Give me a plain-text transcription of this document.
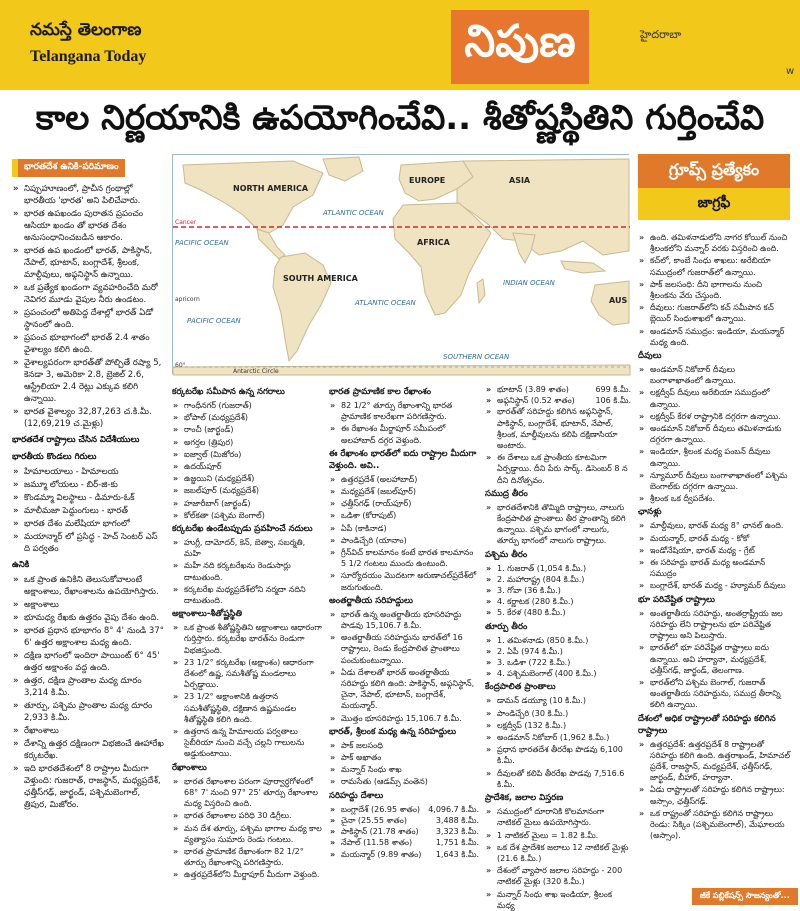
నమస్తే తెలంగాణ
Telangana Today	నిపుణ	హైదరాబా
w
కాల నిర్ణయానికి ఉపయోగించేవి.. శీతోష్ణస్థితిని గుర్తించేవి
భారతదేశ ఉనికి-పరిమాణం
» నిప్పుహూణంలో, ప్రాచీన గ్రంథాల్లో భారతీయ 'భారత' అని పిలిచేవారు.
» భారత ఉపఖండం పురాతన ప్రపంచం ఆసియా ఖండం తో భారత దేశం అనుసంధానించబడిన ఆకారం.
» భారత ఉప ఖండంలో భారత్, పాకిస్థాన్, నేపాల్, భూటాన్, బంగ్లాదేశ్, శ్రీలంక, మాల్దీవులు, అఫ్గనిస్థాన్ ఉన్నాయి.
» ఒక ప్రత్యేక ఖండంగా వ్యవహరించేది మరో నెవిగర మూడు వైపుల నీరు ఉండటం.
» ప్రపంచంలో అతిపెద్ద దేశాల్లో భారత్ ఏడో స్థానంలో ఉంది.
» ప్రపంచ భూభాగంలో భారత్ 2.4 శాతం వైశాల్యం కలిగి ఉంది.
» వైశాల్యపరంగా భారత్‌తో పోల్చితే రష్యా 5, కెనడా 3, అమెరికా 2.8, బ్రెజిల్ 2.6, ఆస్ట్రేలియా 2.4 రెట్లు ఎక్కువ కలిగి ఉన్నాయి.
» భారత వైశాల్యం 32,87,263 చ.కి.మీ. (12,69,219 చ.మైళ్లు)
భారతదేశ రాష్ట్రాలు చేసిన విదేశీయులు
భారతీయ కొండలు గిరులు
» హిమాలయాలు - హిమాలయ
» జమ్మూ లోయలు - బిర్-జి-కు
» కొండమ్మా విలస్థాలు - డిమారు-ఓక్
» మాలీమజా పెద్దుంగులు - భారత్
» భారత దేశం మలేషియా భాగంలో
» మయాన్మార్ లో ప్రసిద్ధ - హెచ్ సెంటర్ ఎస్ ది పర్వతం
ఉనికి
» ఒక ప్రాంత ఉనికిని తెలుసుకోవాలంటే అక్షాంశాలు, రేఖాంశాలను ఉపయోగిస్తారు.
» అక్షాంశాలు
» భూమధ్య రేఖకు ఉత్తరం వైపు దేశం ఉంది.
» భారత ప్రధాన భూభాగం 8° 4' నుండి 37° 6' ఉత్తర అక్షాంశాల మధ్య ఉంది.
» దక్షిణ భాగంలో ఇందిరా పాయింట్ 6° 45' ఉత్తర అక్షాంశం వద్ద ఉంది.
» ఉత్తర, దక్షిణ ప్రాంతాల మధ్య దూరం 3,214 కి.మీ.
» తూర్పు, పశ్చిమ ప్రాంతాల మధ్య దూరం 2,933 కి.మీ.
» రేఖాంశాలు
» దేశాన్ని ఉత్తర దక్షిణంగా విభజించే ఊహారేఖ కర్కటరేఖ.
» ఇది భారతదేశంలో 8 రాష్ట్రాల మీదుగా వెళ్తుంది: గుజరాత్, రాజస్థాన్, మధ్యప్రదేశ్, ఛత్తీస్‌గఢ్, జార్ఖండ్, పశ్చిమబెంగాల్, త్రిపుర, మిజోరం.
NORTH AMERICA
EUROPE	ASIA
AFRICA
SOUTH AMERICA
AUS
ATLANTIC OCEAN
ATLANTIC OCEAN
PACIFIC OCEAN
PACIFIC OCEAN
INDIAN OCEAN
SOUTHERN OCEAN
Cancer
apricorn
Antarctic Circle
60°
గ్రూప్స్ ప్రత్యేకం
జాగ్రఫీ

కర్కటరేఖ సమీపాన ఉన్న నగరాలు

» గాంధీనగర్ (గుజరాత్)
» భోపాల్ (మధ్యప్రదేశ్)
» రాంచీ (జార్ఖండ్)
» అగర్తల (త్రిపుర)
» ఐజ్వాల్ (మిజోరం)
» ఉదయ్‌పూర్
» ఉజ్జయిని (మధ్యప్రదేశ్)
» జబల్‌పూర్ (మధ్యప్రదేశ్)
» హజారీబాగ్ (జార్ఖండ్)
» కోల్‌కతా (పశ్చిమ బెంగాల్)

కర్కటరేఖ ఉండేటప్పుడు ప్రవహించే నదులు

» హుగ్లీ, దామోదర్, కెన్, బెత్వా, సబర్మతి, మహి
» మహీ నది కర్కటరేఖను రెండుసార్లు దాటుతుంది.
» కర్కటరేఖ మధ్యప్రదేశ్‌లోని నర్మదా నదిని దాటుతుంది.

అక్షాంశాలు-శీతోష్ణస్థితి

» ఒక ప్రాంత శీతోష్ణస్థితిని అక్షాంశాలు ఆధారంగా గుర్తిస్తారు. కర్కటరేఖ భారత్‌ను రెండుగా విభజిస్తుంది.
» 23 1/2° కర్కటరేఖ (అక్షాంశం) ఆధారంగా దేశంలో ఉష్ణ, సమశీతోష్ణ మండలాలు ఏర్పడ్డాయి.
» 23 1/2° అక్షాంశానికి ఉత్తరాన సమశీతోష్ణస్థితి, దక్షిణాన ఉష్ణమండల శీతోష్ణస్థితి కలిగి ఉంది.
» ఉత్తరాన ఉన్న హిమాలయ పర్వతాలు సైబీరియా నుంచి వచ్చే చల్లని గాలులను అడ్డుకుంటాయి.

రేఖాంశాలు

» భారత రేఖాంశాల పరంగా పూర్వార్ధగోళంలో 68° 7' నుంచి 97° 25' తూర్పు రేఖాంశాల మధ్య విస్తరించి ఉంది.
» భారత రేఖాంశాల పరిధి 30 డిగ్రీలు.
» మన దేశ తూర్పు, పశ్చిమ భాగాల మధ్య కాల వ్యత్యాసం సుమారు రెండు గంటలు.
» భారత ప్రామాణిక రేఖాంశంగా 82 1/2° తూర్పు రేఖాంశాన్ని పరిగణిస్తారు.
» ఉత్తరప్రదేశ్‌లోని మీర్జాపూర్ మీదుగా వెళ్తుంది.

భారత ప్రామాణిక కాల రేఖాంశం

» 82 1/2° తూర్పు రేఖాంశాన్ని భారత ప్రామాణిక కాలరేఖగా పరిగణిస్తారు.
» ఈ రేఖాంశం మీర్జాపూర్ సమీపంలో అలహాబాద్ దగ్గర వెళ్తుంది.

ఈ రేఖాంశం భారత్‌లో ఐదు రాష్ట్రాల మీదుగా వెళ్తుంది. అవి..

» ఉత్తరప్రదేశ్ (అలహాబాద్)
» మధ్యప్రదేశ్ (జబల్‌పూర్)
» ఛత్తీస్‌గఢ్ (రాయ్‌పూర్)
» ఒడిశా (కోరాపుట్)
» ఏపీ (కాకినాడ)
» పాండిచ్చేరి (యానాం)
» గ్రీన్‌విచ్ కాలమానం కంటే భారత కాలమానం 5 1/2 గంటలు ముందు ఉంటుంది.
» సూర్యోదయం మొదటగా అరుణాచల్‌ప్రదేశ్‌లో జరుగుతుంది.

అంతర్జాతీయ సరిహద్దులు

» భారత్ ఉన్న అంతర్జాతీయ భూసరిహద్దు పొడవు 15,106.7 కి.మీ.
» అంతర్జాతీయ సరిహద్దును భారత్‌లో 16 రాష్ట్రాలు, రెండు కేంద్రపాలిత ప్రాంతాలు పంచుకుంటున్నాయి.
» ఏడు దేశాలతో భారత్ అంతర్జాతీయ సరిహద్దు కలిగి ఉంది: పాకిస్థాన్, అఫ్గనిస్థాన్, చైనా, నేపాల్, భూటాన్, బంగ్లాదేశ్, మయన్మార్.
» మొత్తం భూసరిహద్దు 15,106.7 కి.మీ.

భారత్, శ్రీలంక మధ్య ఉన్న సరిహద్దులు

» పాక్ జలసంధి
» పాక్ అఖాతం
» మన్నార్ సింధు శాఖ
» రామసేతు (ఆడమ్స్ వంతెన)

సరిహద్దు దేశాలు

» బంగ్లాదేశ్ (26.95 శాతం)	4,096.7 కి.మీ.
» చైనా (25.55 శాతం)	3,488 కి.మీ.
» పాకిస్థాన్ (21.78 శాతం)	3,323 కి.మీ.
» నేపాల్ (11.58 శాతం)	1,751 కి.మీ.
» మయన్మార్ (9.89 శాతం)	1,643 కి.మీ.
» భూటాన్ (3.89 శాతం)	699 కి.మీ.
» అఫ్గనిస్థాన్ (0.52 శాతం)	106 కి.మీ.
» భారత్‌తో సరిహద్దు కలిగిన అఫ్గనిస్థాన్, పాకిస్థాన్, బంగ్లాదేశ్, భూటాన్, నేపాల్, శ్రీలంక, మాల్దీవులను కలిపి దక్షిణాసియా అంటారు.
» ఈ దేశాలు ఒక ప్రాంతీయ కూటమిగా ఏర్పడ్డాయి. దీని పేరు సార్క్. డిసెంబర్ 8 న దీని దినోత్సవం.

సముద్ర తీరం

» భారతదేశానికి తొమ్మిది రాష్ట్రాలు, నాలుగు కేంద్రపాలిత ప్రాంతాలు తీర ప్రాంతాన్ని కలిగి ఉన్నాయి. పశ్చిమ భాగంలో నాలుగు, తూర్పు భాగంలో నాలుగు రాష్ట్రాలు.

పశ్చిమ తీరం

» 1. గుజరాత్ (1,054 కి.మీ.)
» 2. మహారాష్ట్ర (804 కి.మీ.)
» 3. గోవా (36 కి.మీ.)
» 4. కర్ణాటక (280 కి.మీ.)
» 5. కేరళ (480 కి.మీ.)

తూర్పు తీరం

» 1. తమిళనాడు (850 కి.మీ.)
» 2. ఏపీ (974 కి.మీ.)
» 3. ఒడిశా (722 కి.మీ.)
» 4. పశ్చిమబెంగాల్ (400 కి.మీ.)

కేంద్రపాలిత ప్రాంతాలు

» డామన్ డయ్యూ (10 కి.మీ.)
» పాండిచ్చేరి (30 కి.మీ.)
» లక్షద్వీప్ (132 కి.మీ.)
» అండమాన్ నికోబార్ (1,962 కి.మీ.)
» ప్రధాన భారతదేశ తీరరేఖ పొడవు 6,100 కి.మీ.
» దీవులతో కలిపి తీరరేఖ పొడవు 7,516.6 కి.మీ.

ప్రాదేశిక, జలాల విస్తరణ

» సముద్రంలో దూరానికి కొలమానంగా నాటికల్ మైలు ఉపయోగిస్తారు.
» 1 నాటికల్ మైలు = 1.82 కి.మీ.
» ఒక దేశ ప్రాదేశిక జలాలు 12 నాటికల్ మైళ్లు (21.6 కి.మీ.)
» దేశంలో వ్యాపార జలాల సరిహద్దు - 200 నాటికల్ మైళ్లు (320 కి.మీ.)
» మన్నార్ సింధు శాఖ ఇండియా, శ్రీలంక మధ్య
» ఉంది. తమిళనాడులోని నాగర కోయిల్ నుంచి శ్రీలంకలోని మన్నార్ వరకు విస్తరించి ఉంది.
» కచ్‌లో, కాంబే సింధు శాఖలు: అరేబియా సముద్రంలో గుజరాత్‌లో ఉన్నాయి.
» పాక్ జలసంధి: దీని భాగాలను నుంచి శ్రీలంకను వేరు చేస్తుంది.
» దీవులు: గుజరాత్‌లోని కచ్ సమీపాన కచ్ బ్లెయిర్ సింధుశాఖలో ఉన్నాయి.
» అండమాన్ సముద్రం: ఇండియా, మయన్మార్ మధ్య ఉంది.

దీవులు

» అండమాన్ నికోబార్ దీవులు బంగాళాఖాతంలో ఉన్నాయి.
» లక్షద్వీప్ దీవులు అరేబియా సముద్రంలో ఉన్నాయి.
» లక్షద్వీప్ కేరళ రాష్ట్రానికి దగ్గరగా ఉన్నాయి.
» అండమాన్ నికోబార్ దీవులు తమిళనాడుకు దగ్గరగా ఉన్నాయి.
» ఇండియా, శ్రీలంక మధ్య పంబన్ దీవులు ఉన్నాయి.
» న్యూమూర్ దీవులు బంగాళాఖాతంలో పశ్చిమ బెంగాల్‌కు దగ్గరగా ఉన్నాయి.
» శ్రీలంక ఒక ద్వీపదేశం.

ఛానళ్లు

» మాల్దీవులు, భారత్ మధ్య 8° ఛానల్ ఉంది.
» మయన్మార్, భారత్ మధ్య - కోకో
» ఇండోనేషియా, భారత్ మధ్య - గ్రేట్
» ఈ సరిహద్దు భారత్ మధ్య అండమాన్ సముద్రం
» బంగ్లాదేశ్, భారత్ మధ్య - హ్యూమర్ దీవులు

భూ పరివేష్టిత రాష్ట్రాలు

» అంతర్జాతీయ సరిహద్దు, అంతర్రాష్ట్రీయ జల సరిహద్దు లేని రాష్ట్రాలను భూ పరివేష్టిత రాష్ట్రాలు అని పిలుస్తారు.
» భారత్‌లో భూ పరివేష్టిత రాష్ట్రాలు ఐదు ఉన్నాయి. అవి హర్యానా, మధ్యప్రదేశ్, ఛత్తీస్‌గఢ్, జార్ఖండ్, తెలంగాణ.
» భారత్‌లోని పశ్చిమ బెంగాల్, గుజరాత్ అంతర్జాతీయ సరిహద్దును, సముద్ర తీరాన్ని కలిగి ఉన్నాయి.

దేశంలో అధిక రాష్ట్రాలతో సరిహద్దు కలిగిన రాష్ట్రాలు

» ఉత్తరప్రదేశ్: ఉత్తరప్రదేశ్ 8 రాష్ట్రాలతో సరిహద్దు కలిగి ఉంది. ఉత్తరాఖండ్, హిమాచల్ ప్రదేశ్, రాజస్థాన్, మధ్యప్రదేశ్, ఛత్తీస్‌గఢ్, జార్ఖండ్, బీహార్, హర్యానా.
» ఏడు రాష్ట్రాలతో సరిహద్దు కలిగిన రాష్ట్రాలు: అస్సాం, ఛత్తీస్‌గఢ్.
» ఒక రాష్ట్రంతో సరిహద్దు కలిగిన రాష్ట్రాలు రెండు: సిక్కిం (పశ్చిమబెంగాల్), మేఘాలయ (అస్సాం).
జీకే పబ్లికేషన్స్ సౌజన్యంతో...
